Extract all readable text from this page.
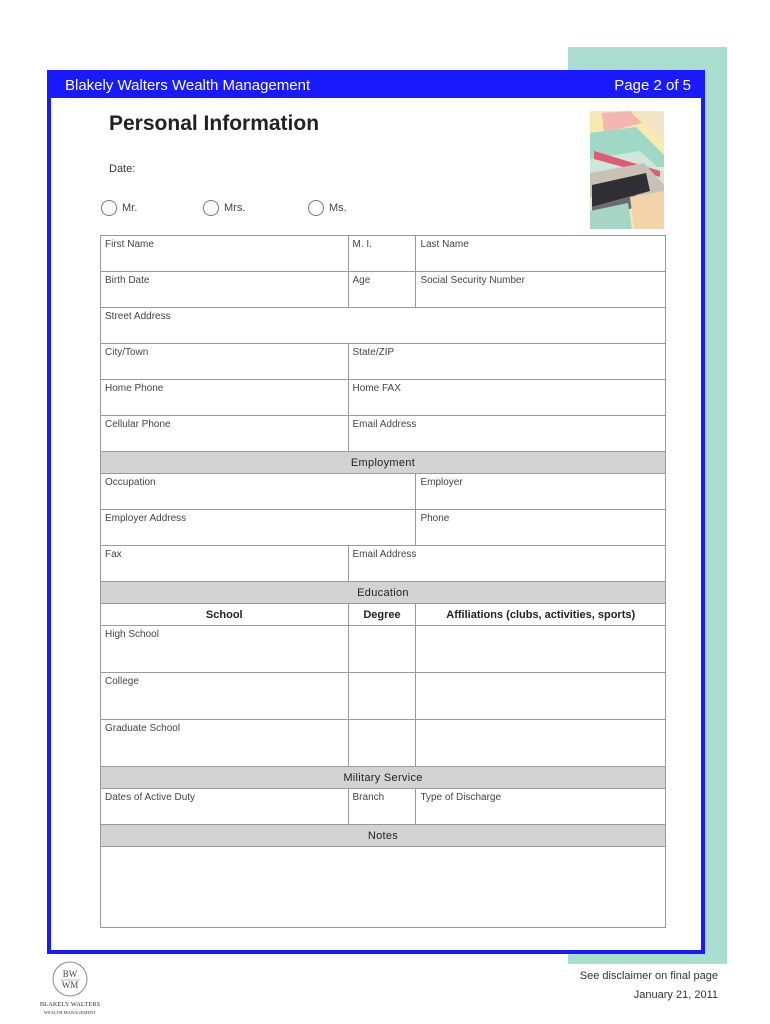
Blakely Walters Wealth Management	Page 2 of 5
Personal Information
Date:
Mr.	Mrs.	Ms.
First Name	M. I.	Last Name
Birth Date	Age	Social Security Number
Street Address		
City/Town	State/ZIP	
Home Phone	Home FAX	
Cellular Phone	Email Address	
Employment		
Occupation		Employer
Employer Address		Phone
Fax	Email Address	
Education		
School	Degree	Affiliations (clubs, activities, sports)
High School		
College		
Graduate School		
Military Service		
Dates of Active Duty	Branch	Type of Discharge
Notes		

BW
WM
BLAKELY WALTERS
WEALTH MANAGEMENT
See disclaimer on final page
January 21, 2011
